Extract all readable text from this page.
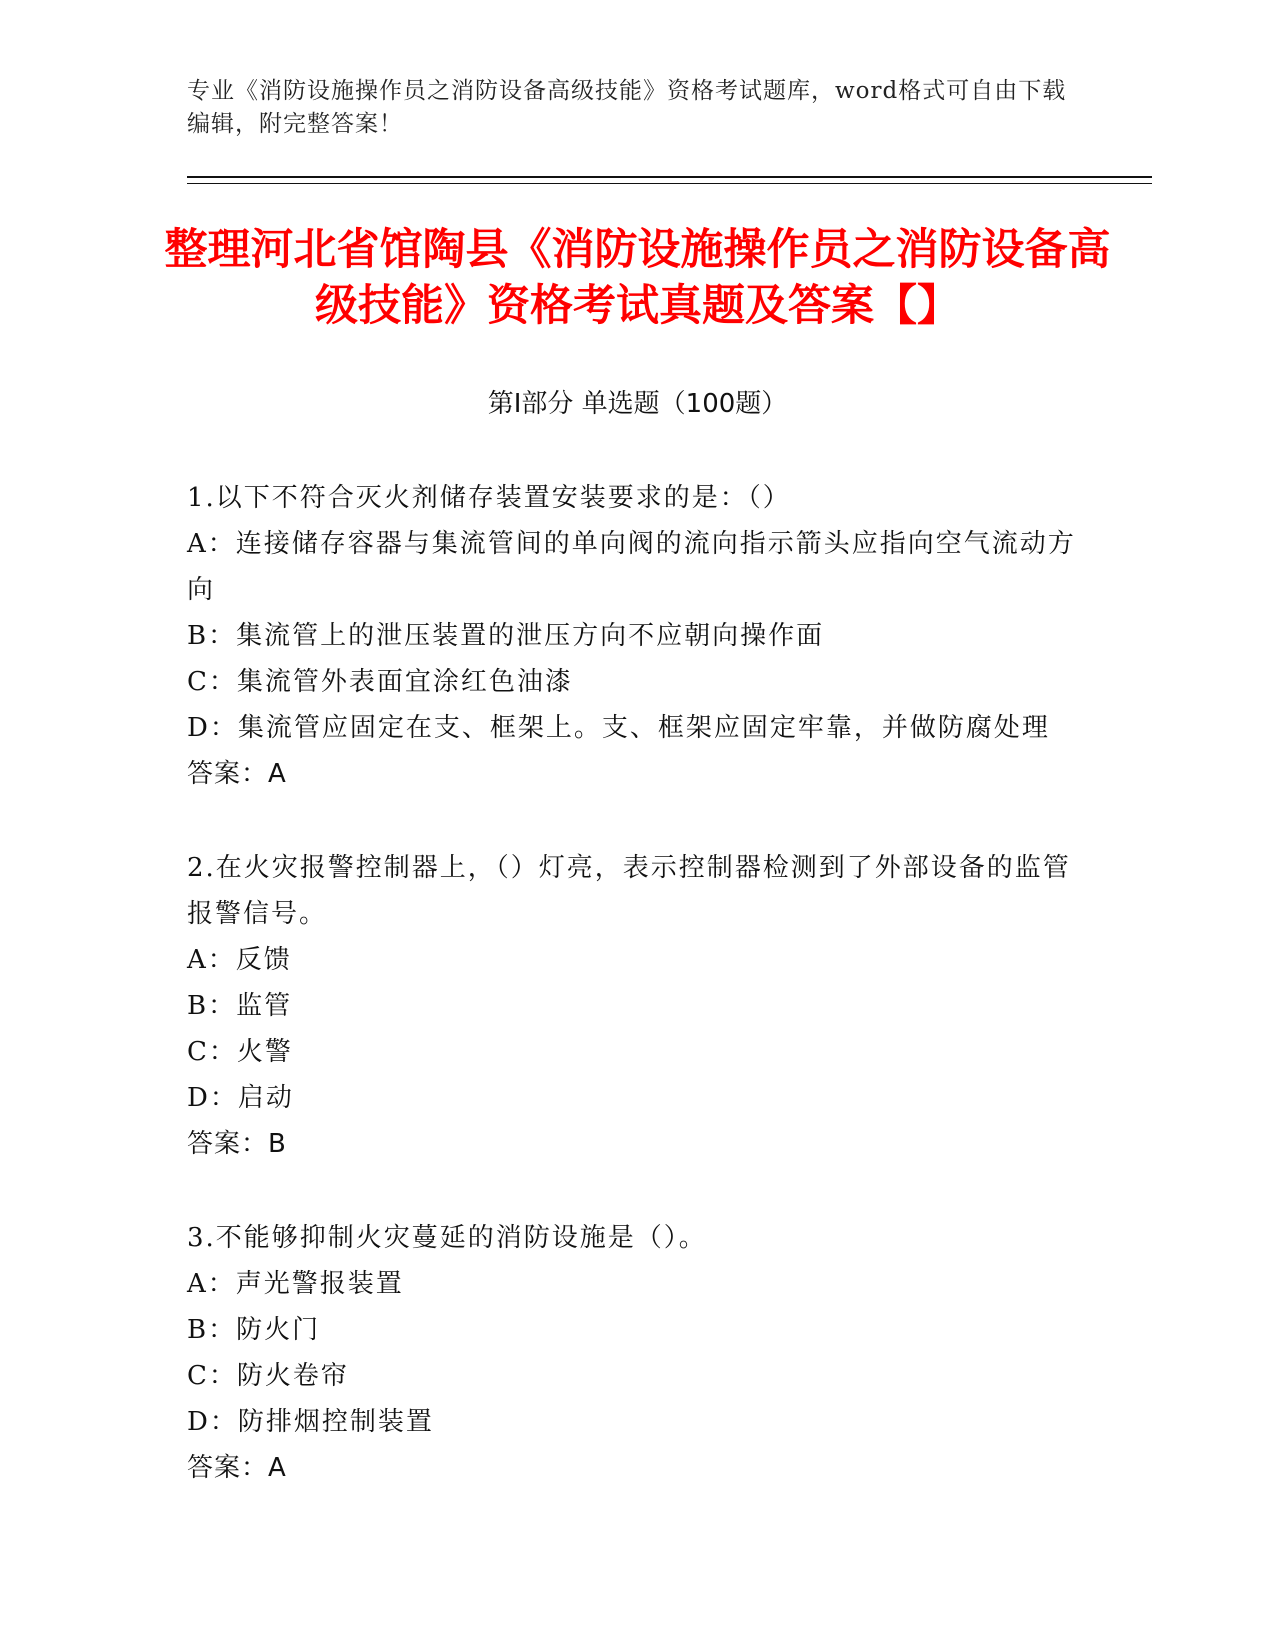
专业《消防设施操作员之消防设备高级技能》资格考试题库，word格式可自由下载编辑，附完整答案！
整理河北省馆陶县《消防设施操作员之消防设备高级技能》资格考试真题及答案【】
第Ⅰ部分 单选题（100题）
1.以下不符合灭火剂储存装置安装要求的是：（）
A：连接储存容器与集流管间的单向阀的流向指示箭头应指向空气流动方向
B：集流管上的泄压装置的泄压方向不应朝向操作面
C：集流管外表面宜涂红色油漆
D：集流管应固定在支、框架上。支、框架应固定牢靠，并做防腐处理
答案：A
2.在火灾报警控制器上，（）灯亮，表示控制器检测到了外部设备的监管报警信号。
A：反馈
B：监管
C：火警
D：启动
答案：B
3.不能够抑制火灾蔓延的消防设施是（）。
A：声光警报装置
B：防火门
C：防火卷帘
D：防排烟控制装置
答案：A
